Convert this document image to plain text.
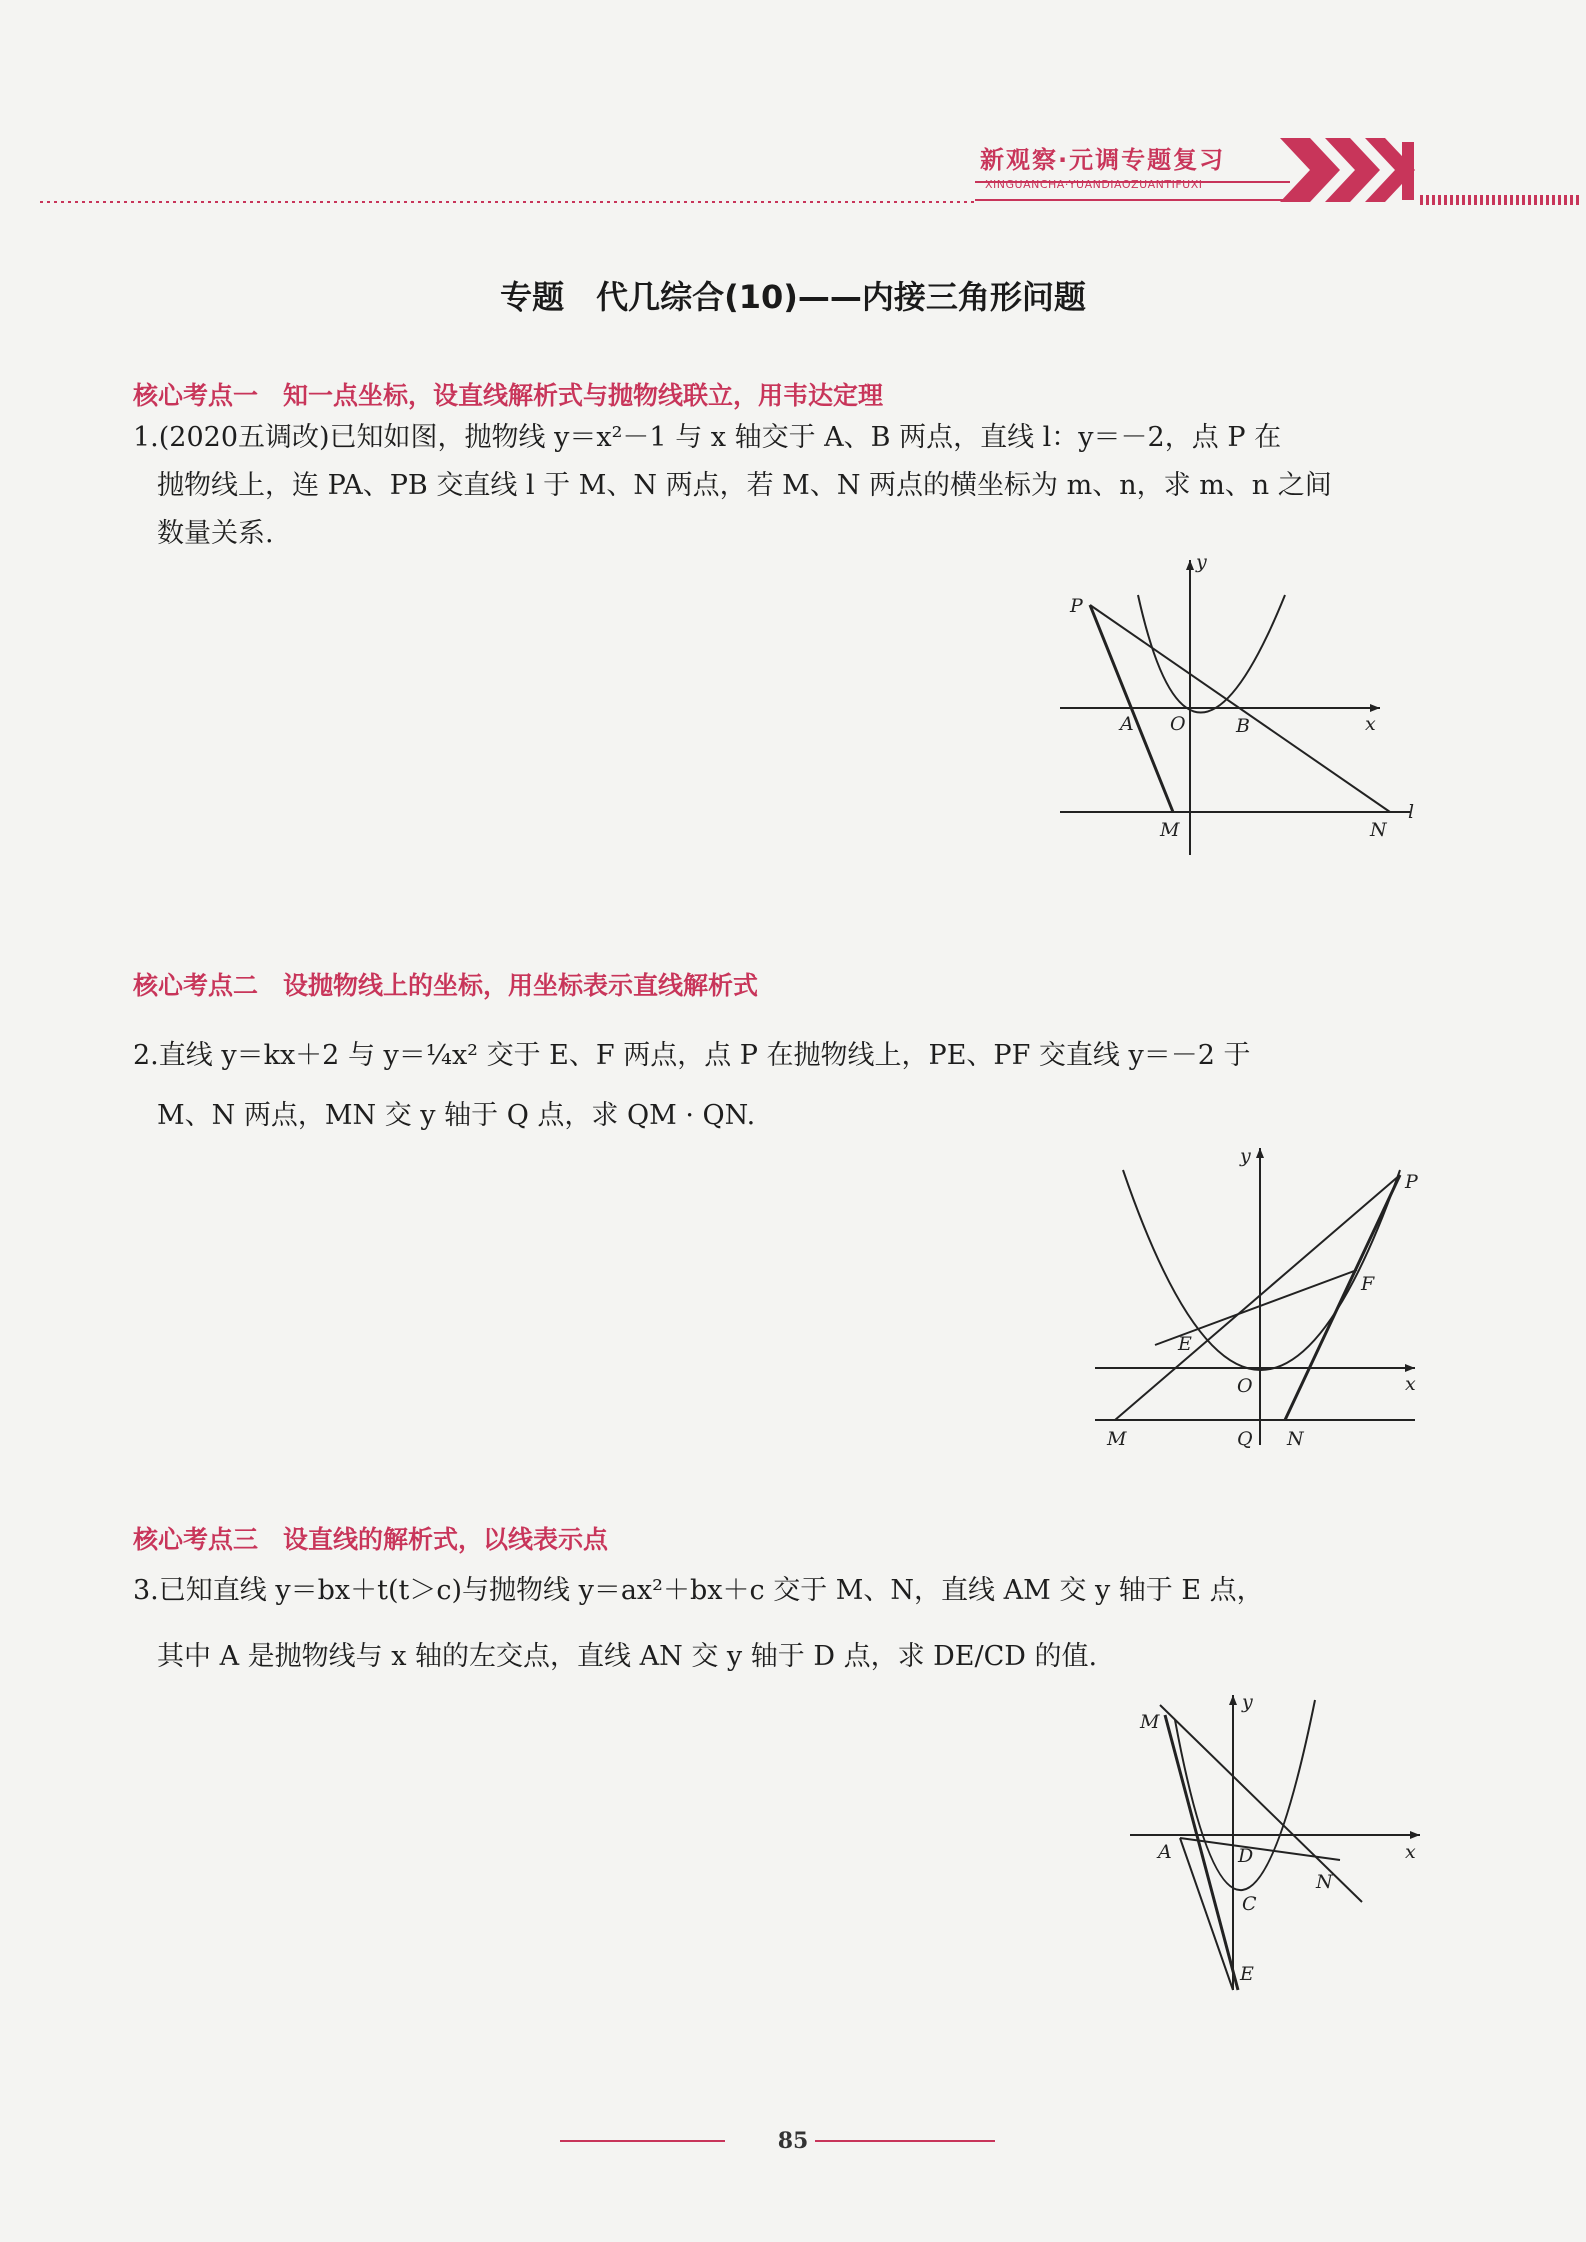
新观察·元调专题复习
XINGUANCHA·YUANDIAOZUANTIFUXI
专题　代几综合(10)——内接三角形问题
核心考点一　知一点坐标，设直线解析式与抛物线联立，用韦达定理
1.(2020五调改)已知如图，抛物线 y＝x²－1 与 x 轴交于 A、B 两点，直线 l：y＝－2，点 P 在
抛物线上，连 PA、PB 交直线 l 于 M、N 两点，若 M、N 两点的横坐标为 m、n，求 m、n 之间
数量关系.
y
x
P
A O	B
M	N
l
核心考点二　设抛物线上的坐标，用坐标表示直线解析式
2.直线 y＝kx＋2 与 y＝¼x² 交于 E、F 两点，点 P 在抛物线上，PE、PF 交直线 y＝－2 于
M、N 两点，MN 交 y 轴于 Q 点，求 QM · QN.
y
x
P
F
E
O
M	Q N
核心考点三　设直线的解析式，以线表示点
3.已知直线 y＝bx＋t(t＞c)与抛物线 y＝ax²＋bx＋c 交于 M、N，直线 AM 交 y 轴于 E 点，
其中 A 是抛物线与 x 轴的左交点，直线 AN 交 y 轴于 D 点，求 DE/CD 的值.
y
x
M
A	D
N
C
E
85
